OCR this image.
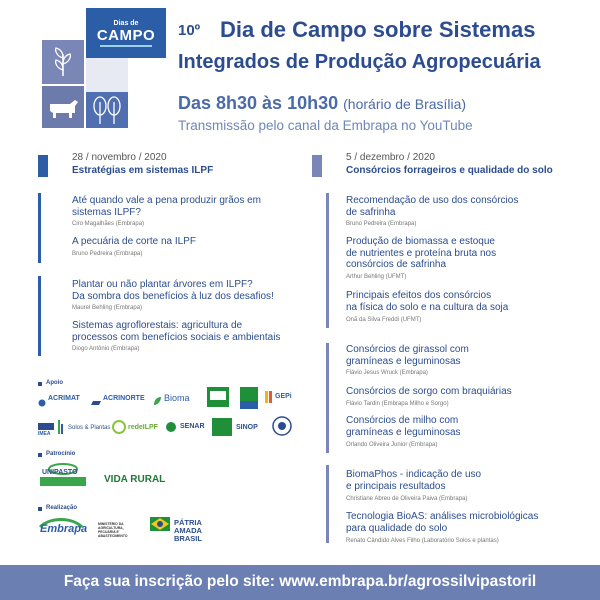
Dias de
CAMPO	10º Dia de Campo sobre Sistemas
Integrados de Produção Agropecuária
Das 8h30 às 10h30 (horário de Brasília)
Transmissão pelo canal da Embrapa no YouTube
28 / novembro / 2020
Estratégias em sistemas ILPF
Até quando vale a pena produzir grãos em
sistemas ILPF?
Ciro Magalhães (Embrapa)
A pecuária de corte na ILPF
Bruno Pedreira (Embrapa)
Plantar ou não plantar árvores em ILPF?
Da sombra dos benefícios à luz dos desafios!
Maurel Behling (Embrapa)
Sistemas agroflorestais: agricultura de
processos com benefícios sociais e ambientais
Diogo Antônio (Embrapa)
5 / dezembro / 2020
Consórcios forrageiros e qualidade do solo
Recomendação de uso dos consórcios
de safrinha
Bruno Pedreira (Embrapa)
Produção de biomassa e estoque
de nutrientes e proteína bruta nos
consórcios de safrinha
Arthur Behling (UFMT)
Principais efeitos dos consórcios
na física do solo e na cultura da soja
Onã da Silva Freddi (UFMT)
Consórcios de girassol com
gramíneas e leguminosas
Flávio Jesus Wruck (Embrapa)
Consórcios de sorgo com braquiárias
Flávio Tardin (Embrapa Milho e Sorgo)
Consórcios de milho com
gramíneas e leguminosas
Orlando Oliveira Junior (Embrapa)
BiomaPhos - indicação de uso
e principais resultados
Christiane Abreu de Oliveira Paiva (Embrapa)
Tecnologia BioAS: análises microbiológicas
para qualidade do solo
Renato Cândido Alves Filho (Laboratório Solos e plantas)
Apoio
ACRIMAT	ACRINORTE Bioma	GEPi
IMEA
Solos & Plantas	redeILPF	SENAR	SINOP
Patrocínio
UNIPASTO
VIDA RURAL
Realização
Embrapa	MINISTÉRIO DA AGRICULTURA, PECUÁRIA E ABASTECIMENTO
PÁTRIA AMADA BRASIL
Faça sua inscrição pelo site: www.embrapa.br/agrossilvipastoril
